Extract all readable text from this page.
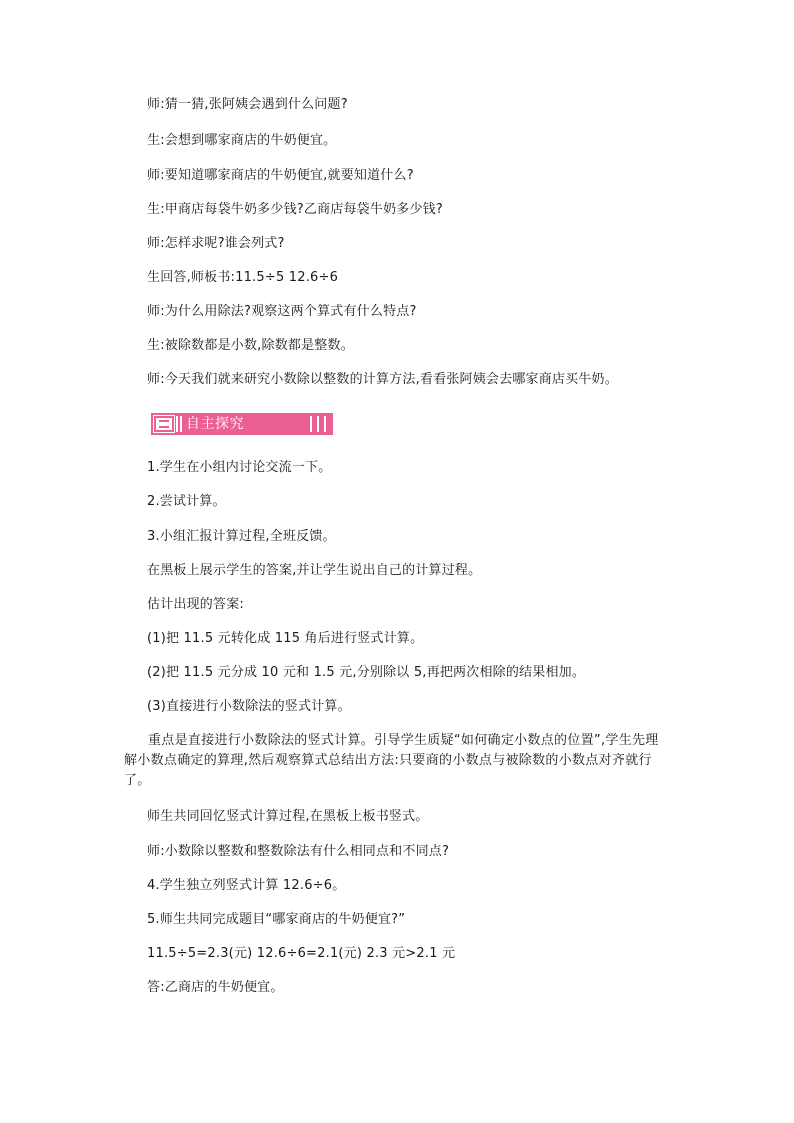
师:猜一猜,张阿姨会遇到什么问题?
生:会想到哪家商店的牛奶便宜。
师:要知道哪家商店的牛奶便宜,就要知道什么?
生:甲商店每袋牛奶多少钱?乙商店每袋牛奶多少钱?
师:怎样求呢?谁会列式?
生回答,师板书:11.5÷5 12.6÷6
师:为什么用除法?观察这两个算式有什么特点?
生:被除数都是小数,除数都是整数。
师:今天我们就来研究小数除以整数的计算方法,看看张阿姨会去哪家商店买牛奶。
自主探究
1.学生在小组内讨论交流一下。
2.尝试计算。
3.小组汇报计算过程,全班反馈。
在黑板上展示学生的答案,并让学生说出自己的计算过程。
估计出现的答案:
(1)把 11.5 元转化成 115 角后进行竖式计算。
(2)把 11.5 元分成 10 元和 1.5 元,分别除以 5,再把两次相除的结果相加。
(3)直接进行小数除法的竖式计算。
重点是直接进行小数除法的竖式计算。引导学生质疑“如何确定小数点的位置”,学生先理解小数点确定的算理,然后观察算式总结出方法:只要商的小数点与被除数的小数点对齐就行了。
师生共同回忆竖式计算过程,在黑板上板书竖式。
师:小数除以整数和整数除法有什么相同点和不同点?
4.学生独立列竖式计算 12.6÷6。
5.师生共同完成题目“哪家商店的牛奶便宜?”
11.5÷5=2.3(元) 12.6÷6=2.1(元) 2.3 元>2.1 元
答:乙商店的牛奶便宜。
